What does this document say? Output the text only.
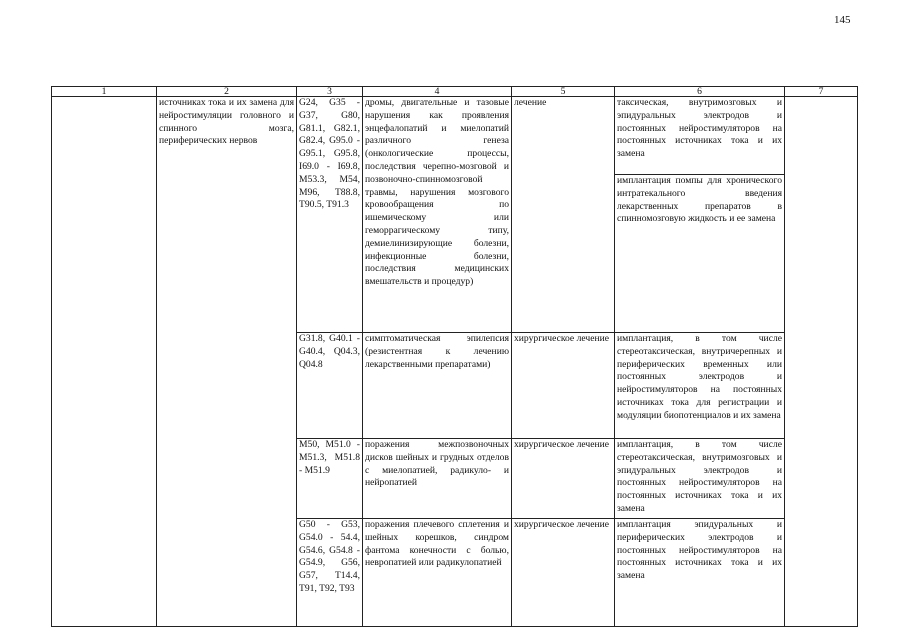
145
1	2	3	4	5	6	7
	источниках тока и их замена для нейростимуляции головного и спинного мозга, периферических нервов	G24, G35 - G37, G80, G81.1, G82.1, G82.4, G95.0 - G95.1, G95.8, I69.0 - I69.8, M53.3, M54, M96, T88.8, T90.5, T91.3	дромы, двигательные и тазовые нарушения как проявления энцефалопатий и миелопатий различного генеза (онкологические процессы, последствия черепно-мозговой и позвоночно-спинномозговой травмы, нарушения мозгового кровообращения по ишемическому или геморрагическому типу, демиелинизирующие болезни, инфекционные болезни, последствия медицинских вмешательств и процедур)	лечение	таксическая, внутримозговых и эпидуральных электродов и постоянных нейростимуляторов на постоянных источниках тока и их замена	
					имплантация помпы для хронического интратекального введения лекарственных препаратов в спинномозговую жидкость и ее замена	
		G31.8, G40.1 - G40.4, Q04.3, Q04.8	симптоматическая эпилепсия (резистентная к лечению лекарственными препаратами)	хирургическое лечение	имплантация, в том числе стереотаксическая, внутричерепных и периферических временных или постоянных электродов и нейростимуляторов на постоянных источниках тока для регистрации и модуляции биопотенциалов и их замена	
		M50, M51.0 - M51.3, M51.8 - M51.9	поражения межпозвоночных дисков шейных и грудных отделов с миелопатией, радикуло- и нейропатией	хирургическое лечение	имплантация, в том числе стереотаксическая, внутримозговых и эпидуральных электродов и постоянных нейростимуляторов на постоянных источниках тока и их замена	
		G50 - G53, G54.0 - 54.4, G54.6, G54.8 - G54.9, G56, G57, T14.4, T91, T92, T93	поражения плечевого сплетения и шейных корешков, синдром фантома конечности с болью, невропатией или радикулопатией	хирургическое лечение	имплантация эпидуральных и периферических электродов и постоянных нейростимуляторов на постоянных источниках тока и их замена	
